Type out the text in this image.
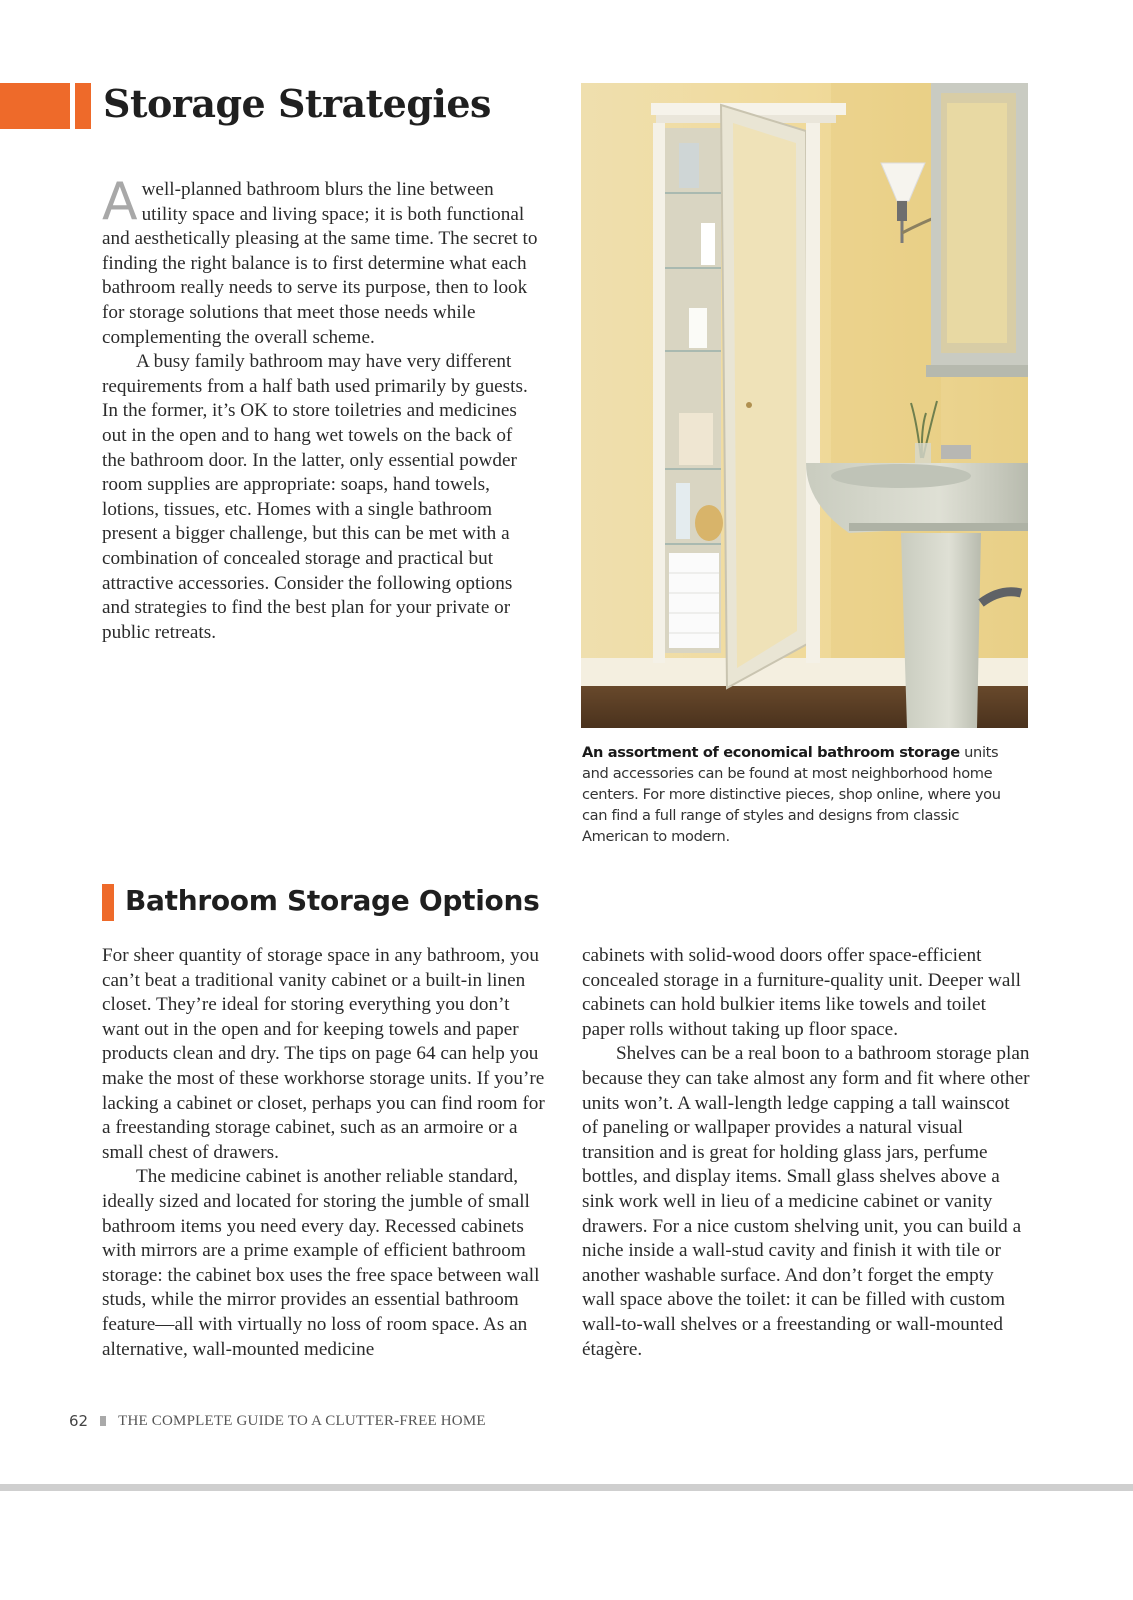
Storage Strategies
A well-planned bathroom blurs the line between utility space and living space; it is both functional and aesthetically pleasing at the same time. The secret to finding the right balance is to first determine what each bathroom really needs to serve its purpose, then to look for storage solutions that meet those needs while complementing the overall scheme.

A busy family bathroom may have very different requirements from a half bath used primarily by guests. In the former, it’s OK to store toiletries and medicines out in the open and to hang wet towels on the back of the bathroom door. In the latter, only essential powder room supplies are appropriate: soaps, hand towels, lotions, tissues, etc. Homes with a single bathroom present a bigger challenge, but this can be met with a combination of concealed storage and practical but attractive accessories. Consider the following options and strategies to find the best plan for your private or public retreats.

An assortment of economical bathroom storage units and accessories can be found at most neighborhood home centers. For more distinctive pieces, shop online, where you can find a full range of styles and designs from classic American to modern.
Bathroom Storage Options

For sheer quantity of storage space in any bathroom, you can’t beat a traditional vanity cabinet or a built-in linen closet. They’re ideal for storing everything you don’t want out in the open and for keeping towels and paper products clean and dry. The tips on page 64 can help you make the most of these workhorse storage units. If you’re lacking a cabinet or closet, perhaps you can find room for a freestanding storage cabinet, such as an armoire or a small chest of drawers.

The medicine cabinet is another reliable standard, ideally sized and located for storing the jumble of small bathroom items you need every day. Recessed cabinets with mirrors are a prime example of efficient bathroom storage: the cabinet box uses the free space between wall studs, while the mirror provides an essential bathroom feature—all with virtually no loss of room space. As an alternative, wall-mounted medicine

cabinets with solid-wood doors offer space-efficient concealed storage in a furniture-quality unit. Deeper wall cabinets can hold bulkier items like towels and toilet paper rolls without taking up floor space.

Shelves can be a real boon to a bathroom storage plan because they can take almost any form and fit where other units won’t. A wall-length ledge capping a tall wainscot of paneling or wallpaper provides a natural visual transition and is great for holding glass jars, perfume bottles, and display items. Small glass shelves above a sink work well in lieu of a medicine cabinet or vanity drawers. For a nice custom shelving unit, you can build a niche inside a wall-stud cavity and finish it with tile or another washable surface. And don’t forget the empty wall space above the toilet: it can be filled with custom wall-to-wall shelves or a freestanding or wall-mounted étagère.

62 THE COMPLETE GUIDE TO A CLUTTER-FREE HOME
